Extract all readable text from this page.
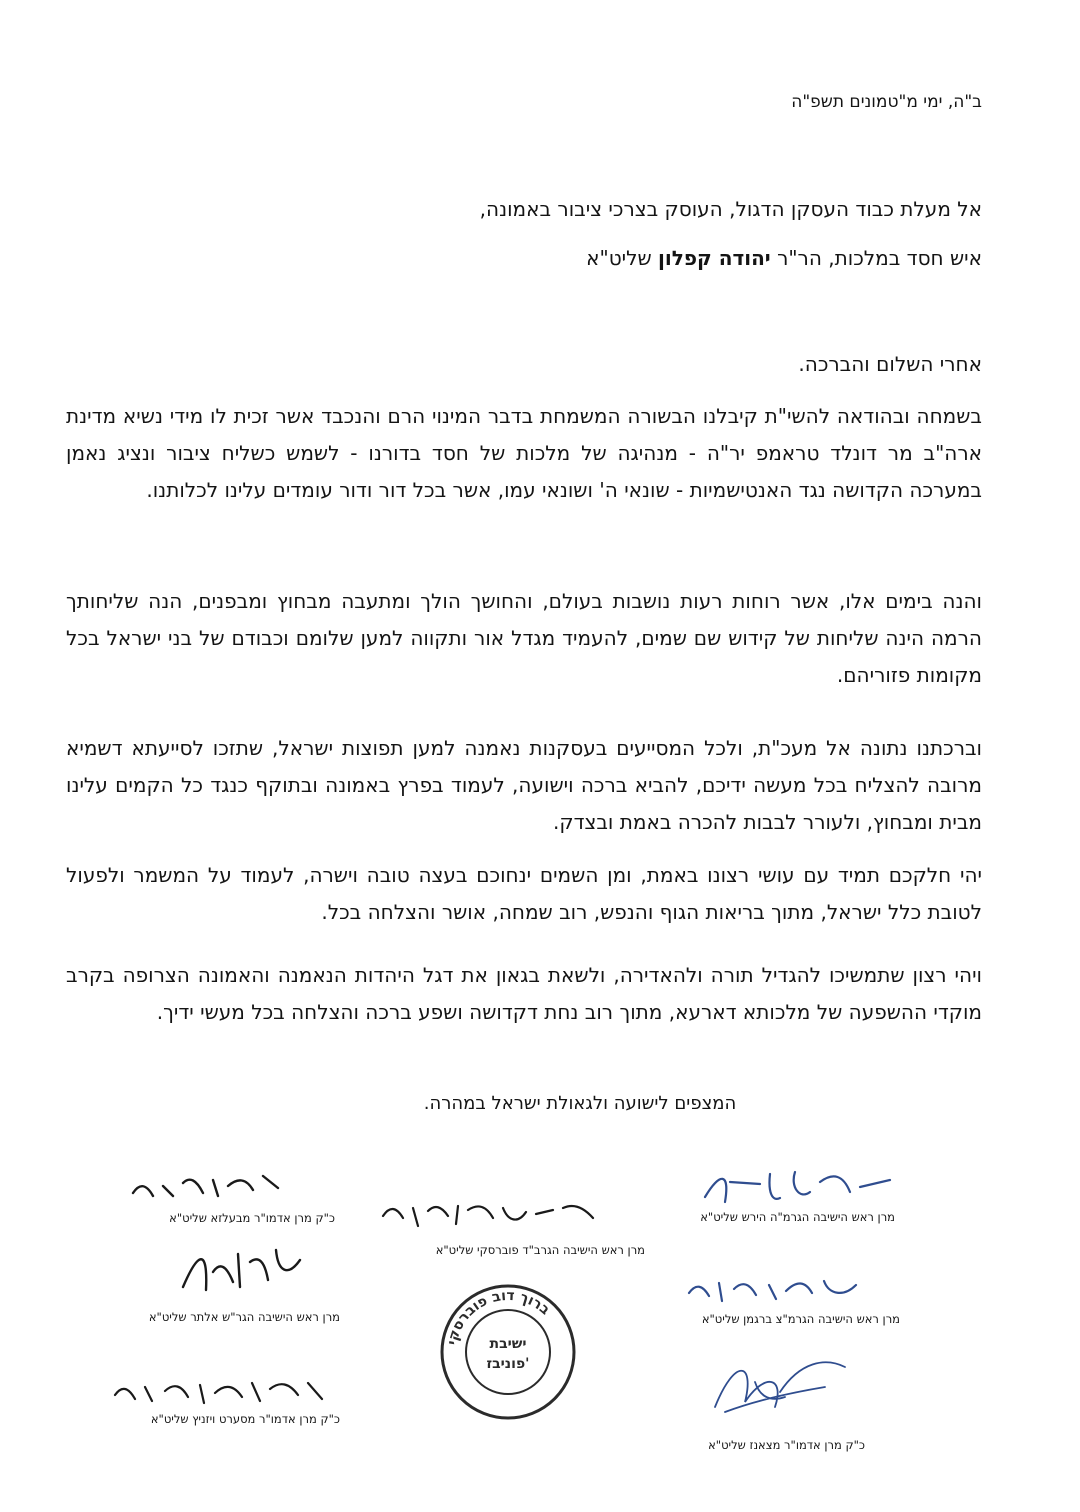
ב"ה, ימי מ"טמונים תשפ"ה
אל מעלת כבוד העסקן הדגול, העוסק בצרכי ציבור באמונה,
איש חסד במלכות, הר"ר יהודה קפלון שליט"א
אחרי השלום והברכה.
בשמחה ובהודאה להשי"ת קיבלנו הבשורה המשמחת בדבר המינוי הרם והנכבד אשר זכית לו מידי נשיא מדינת ארה"ב מר דונלד טראמפ יר"ה - מנהיגה של מלכות של חסד בדורנו - לשמש כשליח ציבור ונציג נאמן במערכה הקדושה נגד האנטישמיות - שונאי ה' ושונאי עמו, אשר בכל דור ודור עומדים עלינו לכלותנו.
והנה בימים אלו, אשר רוחות רעות נושבות בעולם, והחושך הולך ומתעבה מבחוץ ומבפנים, הנה שליחותך הרמה הינה שליחות של קידוש שם שמים, להעמיד מגדל אור ותקווה למען שלומם וכבודם של בני ישראל בכל מקומות פזוריהם.
וברכתנו נתונה אל מעכ"ת, ולכל המסייעים בעסקנות נאמנה למען תפוצות ישראל, שתזכו לסייעתא דשמיא מרובה להצליח בכל מעשה ידיכם, להביא ברכה וישועה, לעמוד בפרץ באמונה ובתוקף כנגד כל הקמים עלינו מבית ומבחוץ, ולעורר לבבות להכרה באמת ובצדק.
יהי חלקכם תמיד עם עושי רצונו באמת, ומן השמים ינחוכם בעצה טובה וישרה, לעמוד על המשמר ולפעול לטובת כלל ישראל, מתוך בריאות הגוף והנפש, רוב שמחה, אושר והצלחה בכל.
ויהי רצון שתמשיכו להגדיל תורה ולהאדירה, ולשאת בגאון את דגל היהדות הנאמנה והאמונה הצרופה בקרב מוקדי ההשפעה של מלכותא דארעא, מתוך רוב נחת דקדושה ושפע ברכה והצלחה בכל מעשי ידיך.
המצפים לישועה ולגאולת ישראל במהרה.
מרן ראש הישיבה הגרמ"ה הירש שליט"א
מרן ראש הישיבה הגרב"ד פוברסקי שליט"א
כ"ק מרן אדמו"ר מבעלזא שליט"א
מרן ראש הישיבה הגרמ"צ ברגמן שליט"א
מרן ראש הישיבה הגר"ש אלתר שליט"א
כ"ק מרן אדמו"ר מסערט ויזניץ שליט"א
כ"ק מרן אדמו"ר מצאנז שליט"א
ברוך דוב פוברסקי
ישיבת
פוניבז'
